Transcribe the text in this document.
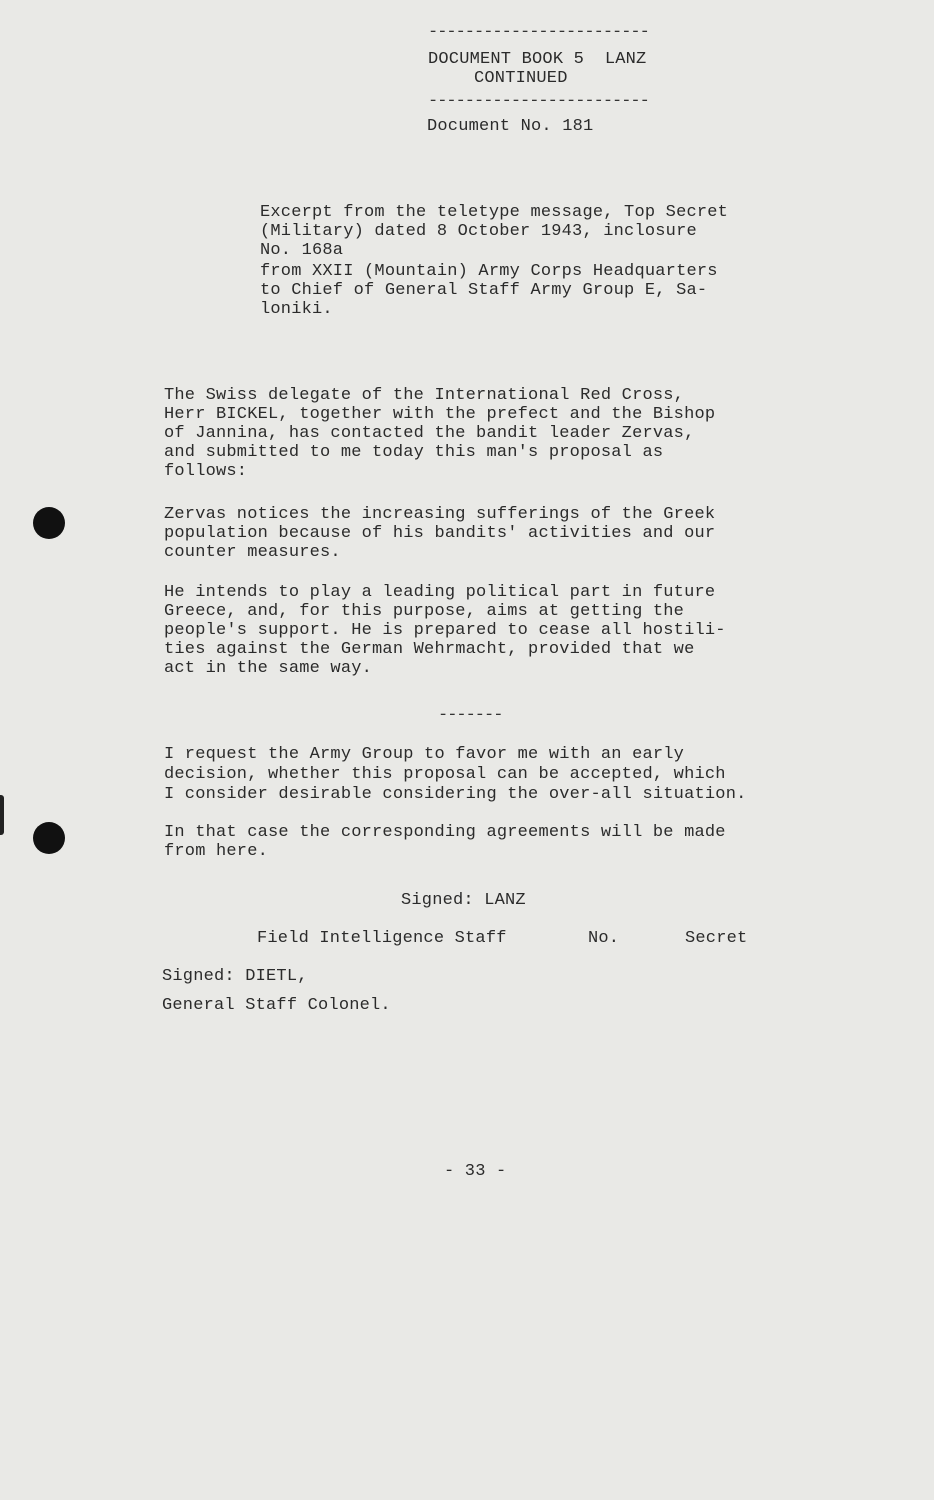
------------------------
DOCUMENT BOOK 5  LANZ
CONTINUED
------------------------
Document No. 181
Excerpt from the teletype message, Top Secret
(Military) dated 8 October 1943, inclosure
No. 168a
from XXII (Mountain) Army Corps Headquarters
to Chief of General Staff Army Group E, Sa-
loniki.
The Swiss delegate of the International Red Cross,
Herr BICKEL, together with the prefect and the Bishop
of Jannina, has contacted the bandit leader Zervas,
and submitted to me today this man's proposal as
follows:
Zervas notices the increasing sufferings of the Greek
population because of his bandits' activities and our
counter measures.
He intends to play a leading political part in future
Greece, and, for this purpose, aims at getting the
people's support. He is prepared to cease all hostili-
ties against the German Wehrmacht, provided that we
act in the same way.
-------
I request the Army Group to favor me with an early
decision, whether this proposal can be accepted, which
I consider desirable considering the over-all situation.
In that case the corresponding agreements will be made
from here.
Signed: LANZ
Field Intelligence Staff	No.	Secret
Signed: DIETL,
General Staff Colonel.
- 33 -
